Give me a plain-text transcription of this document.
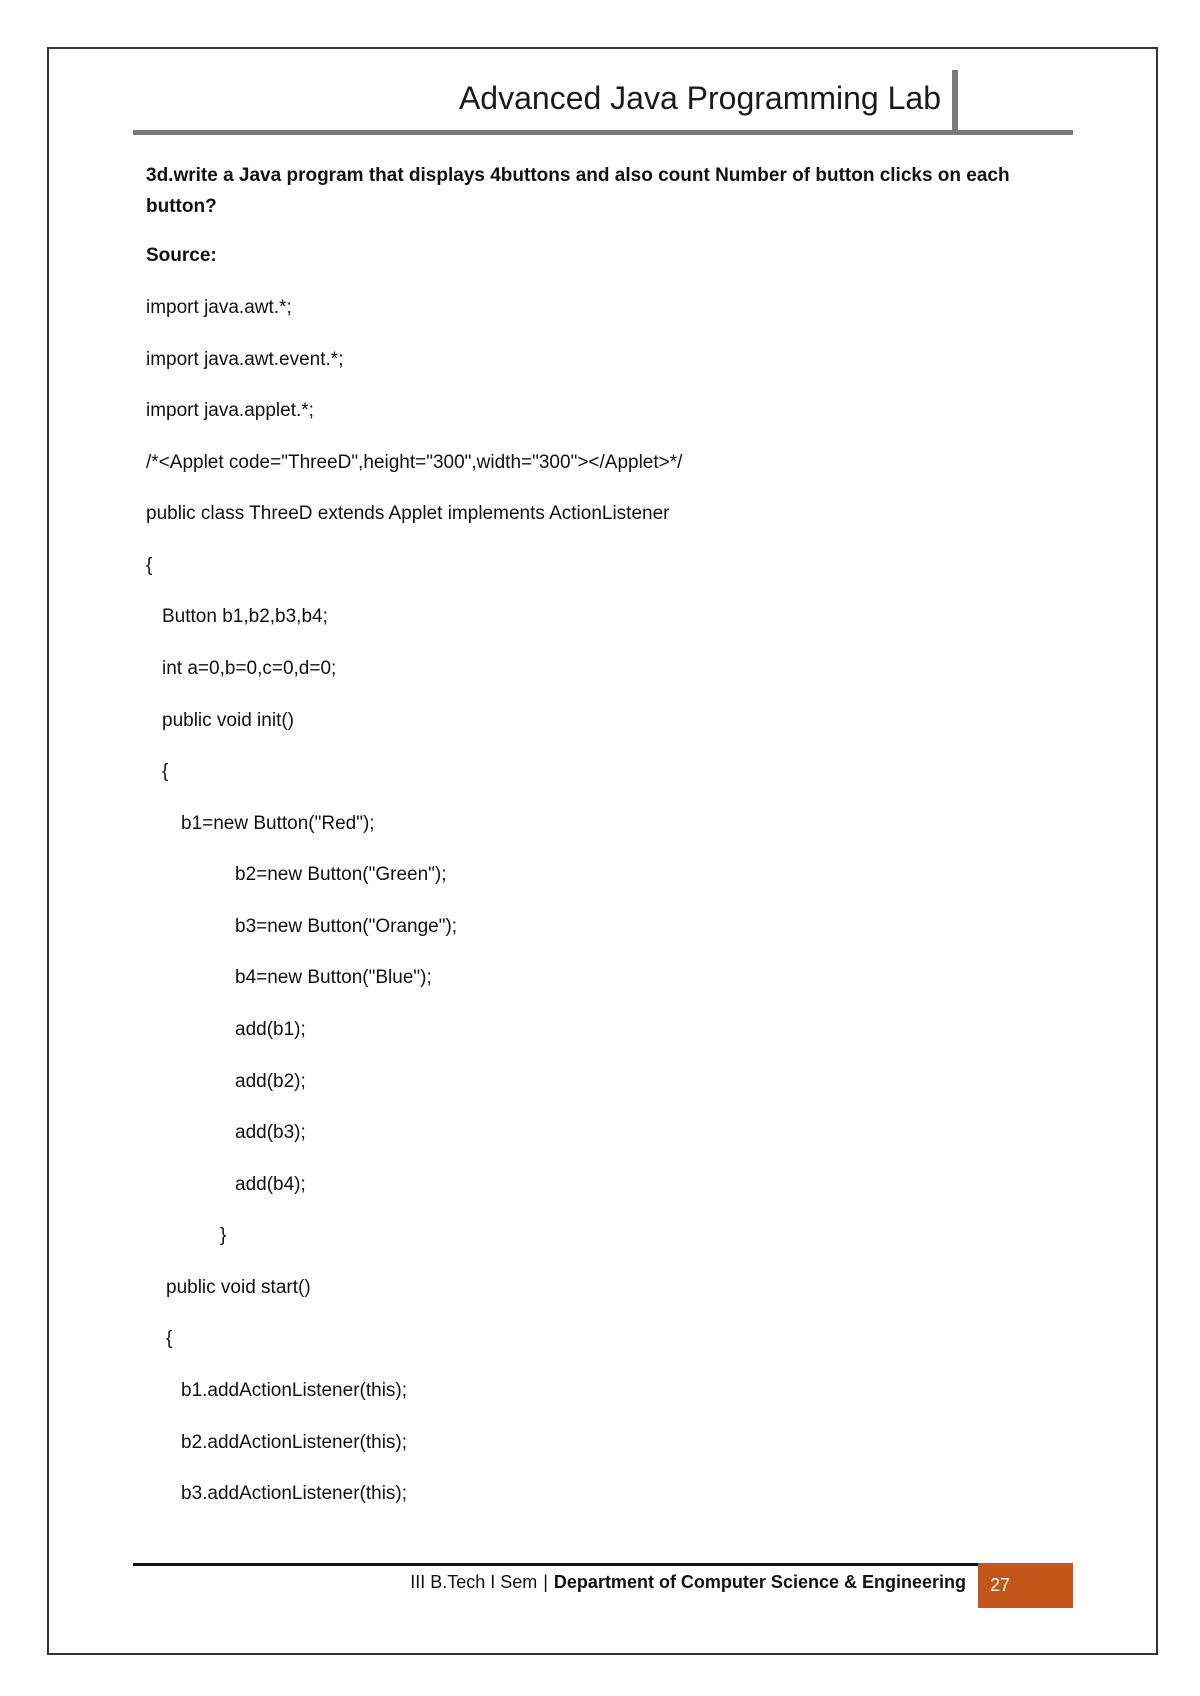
Advanced Java Programming Lab
3d.write a Java program that displays 4buttons and also count Number of button clicks on each button?
Source:
import java.awt.*;
import java.awt.event.*;
import java.applet.*;
/*<Applet code="ThreeD",height="300",width="300"></Applet>*/
public class ThreeD extends Applet implements ActionListener
{
Button b1,b2,b3,b4;
int a=0,b=0,c=0,d=0;
public void init()
{
b1=new Button("Red");
b2=new Button("Green");
b3=new Button("Orange");
b4=new Button("Blue");
add(b1);
add(b2);
add(b3);
add(b4);
}
public void start()
{
b1.addActionListener(this);
b2.addActionListener(this);
b3.addActionListener(this);
III B.Tech I Sem | Department of Computer Science & Engineering	27
